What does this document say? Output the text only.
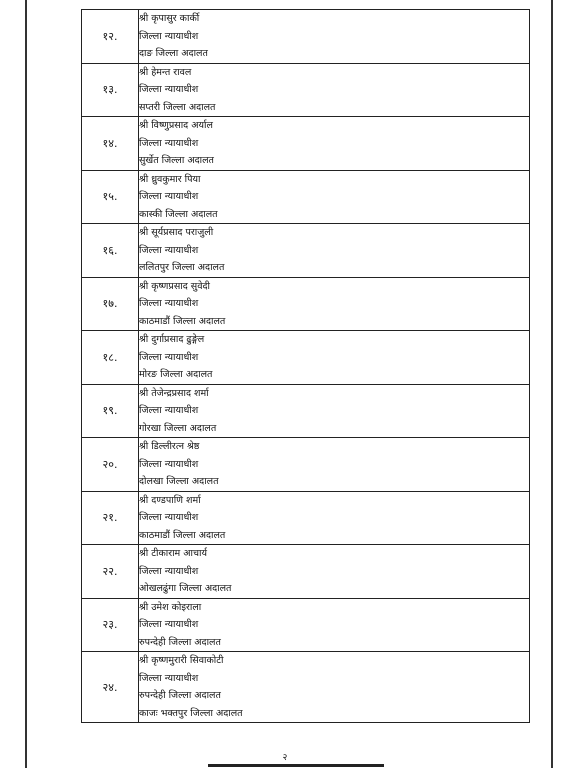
१२.	श्री कृपासुर कार्की
जिल्ला न्यायाधीश
दाङ जिल्ला अदालत

१३.	श्री हेमन्त रावल
जिल्ला न्यायाधीश
सप्तरी जिल्ला अदालत

१४.	श्री विष्णुप्रसाद अर्याल
जिल्ला न्यायाधीश
सुर्खेत जिल्ला अदालत

१५.	श्री ध्रुवकुमार पिया
जिल्ला न्यायाधीश
कास्की जिल्ला अदालत

१६.	श्री सूर्यप्रसाद पराजुली
जिल्ला न्यायाधीश
ललितपुर जिल्ला अदालत

१७.	श्री कृष्णप्रसाद सुवेदी
जिल्ला न्यायाधीश
काठमाडौं जिल्ला अदालत

१८.	श्री दुर्गाप्रसाद ढुङ्गेल
जिल्ला न्यायाधीश
मोरङ जिल्ला अदालत

१९.	श्री तेजेन्द्रप्रसाद शर्मा
जिल्ला न्यायाधीश
गोरखा जिल्ला अदालत

२०.	श्री डिल्लीरत्न श्रेष्ठ
जिल्ला न्यायाधीश
दोलखा जिल्ला अदालत

२१.	श्री दण्डपाणि शर्मा
जिल्ला न्यायाधीश
काठमाडौं जिल्ला अदालत

२२.	श्री टीकाराम आचार्य
जिल्ला न्यायाधीश
ओखलढुंगा जिल्ला अदालत

२३.	श्री उमेश कोइराला
जिल्ला न्यायाधीश
रुपन्देही जिल्ला अदालत

२४.	श्री कृष्णमुरारी सिवाकोटी
जिल्ला न्यायाधीश
रुपन्देही जिल्ला अदालत
काजः भक्तपुर जिल्ला अदालत
२
